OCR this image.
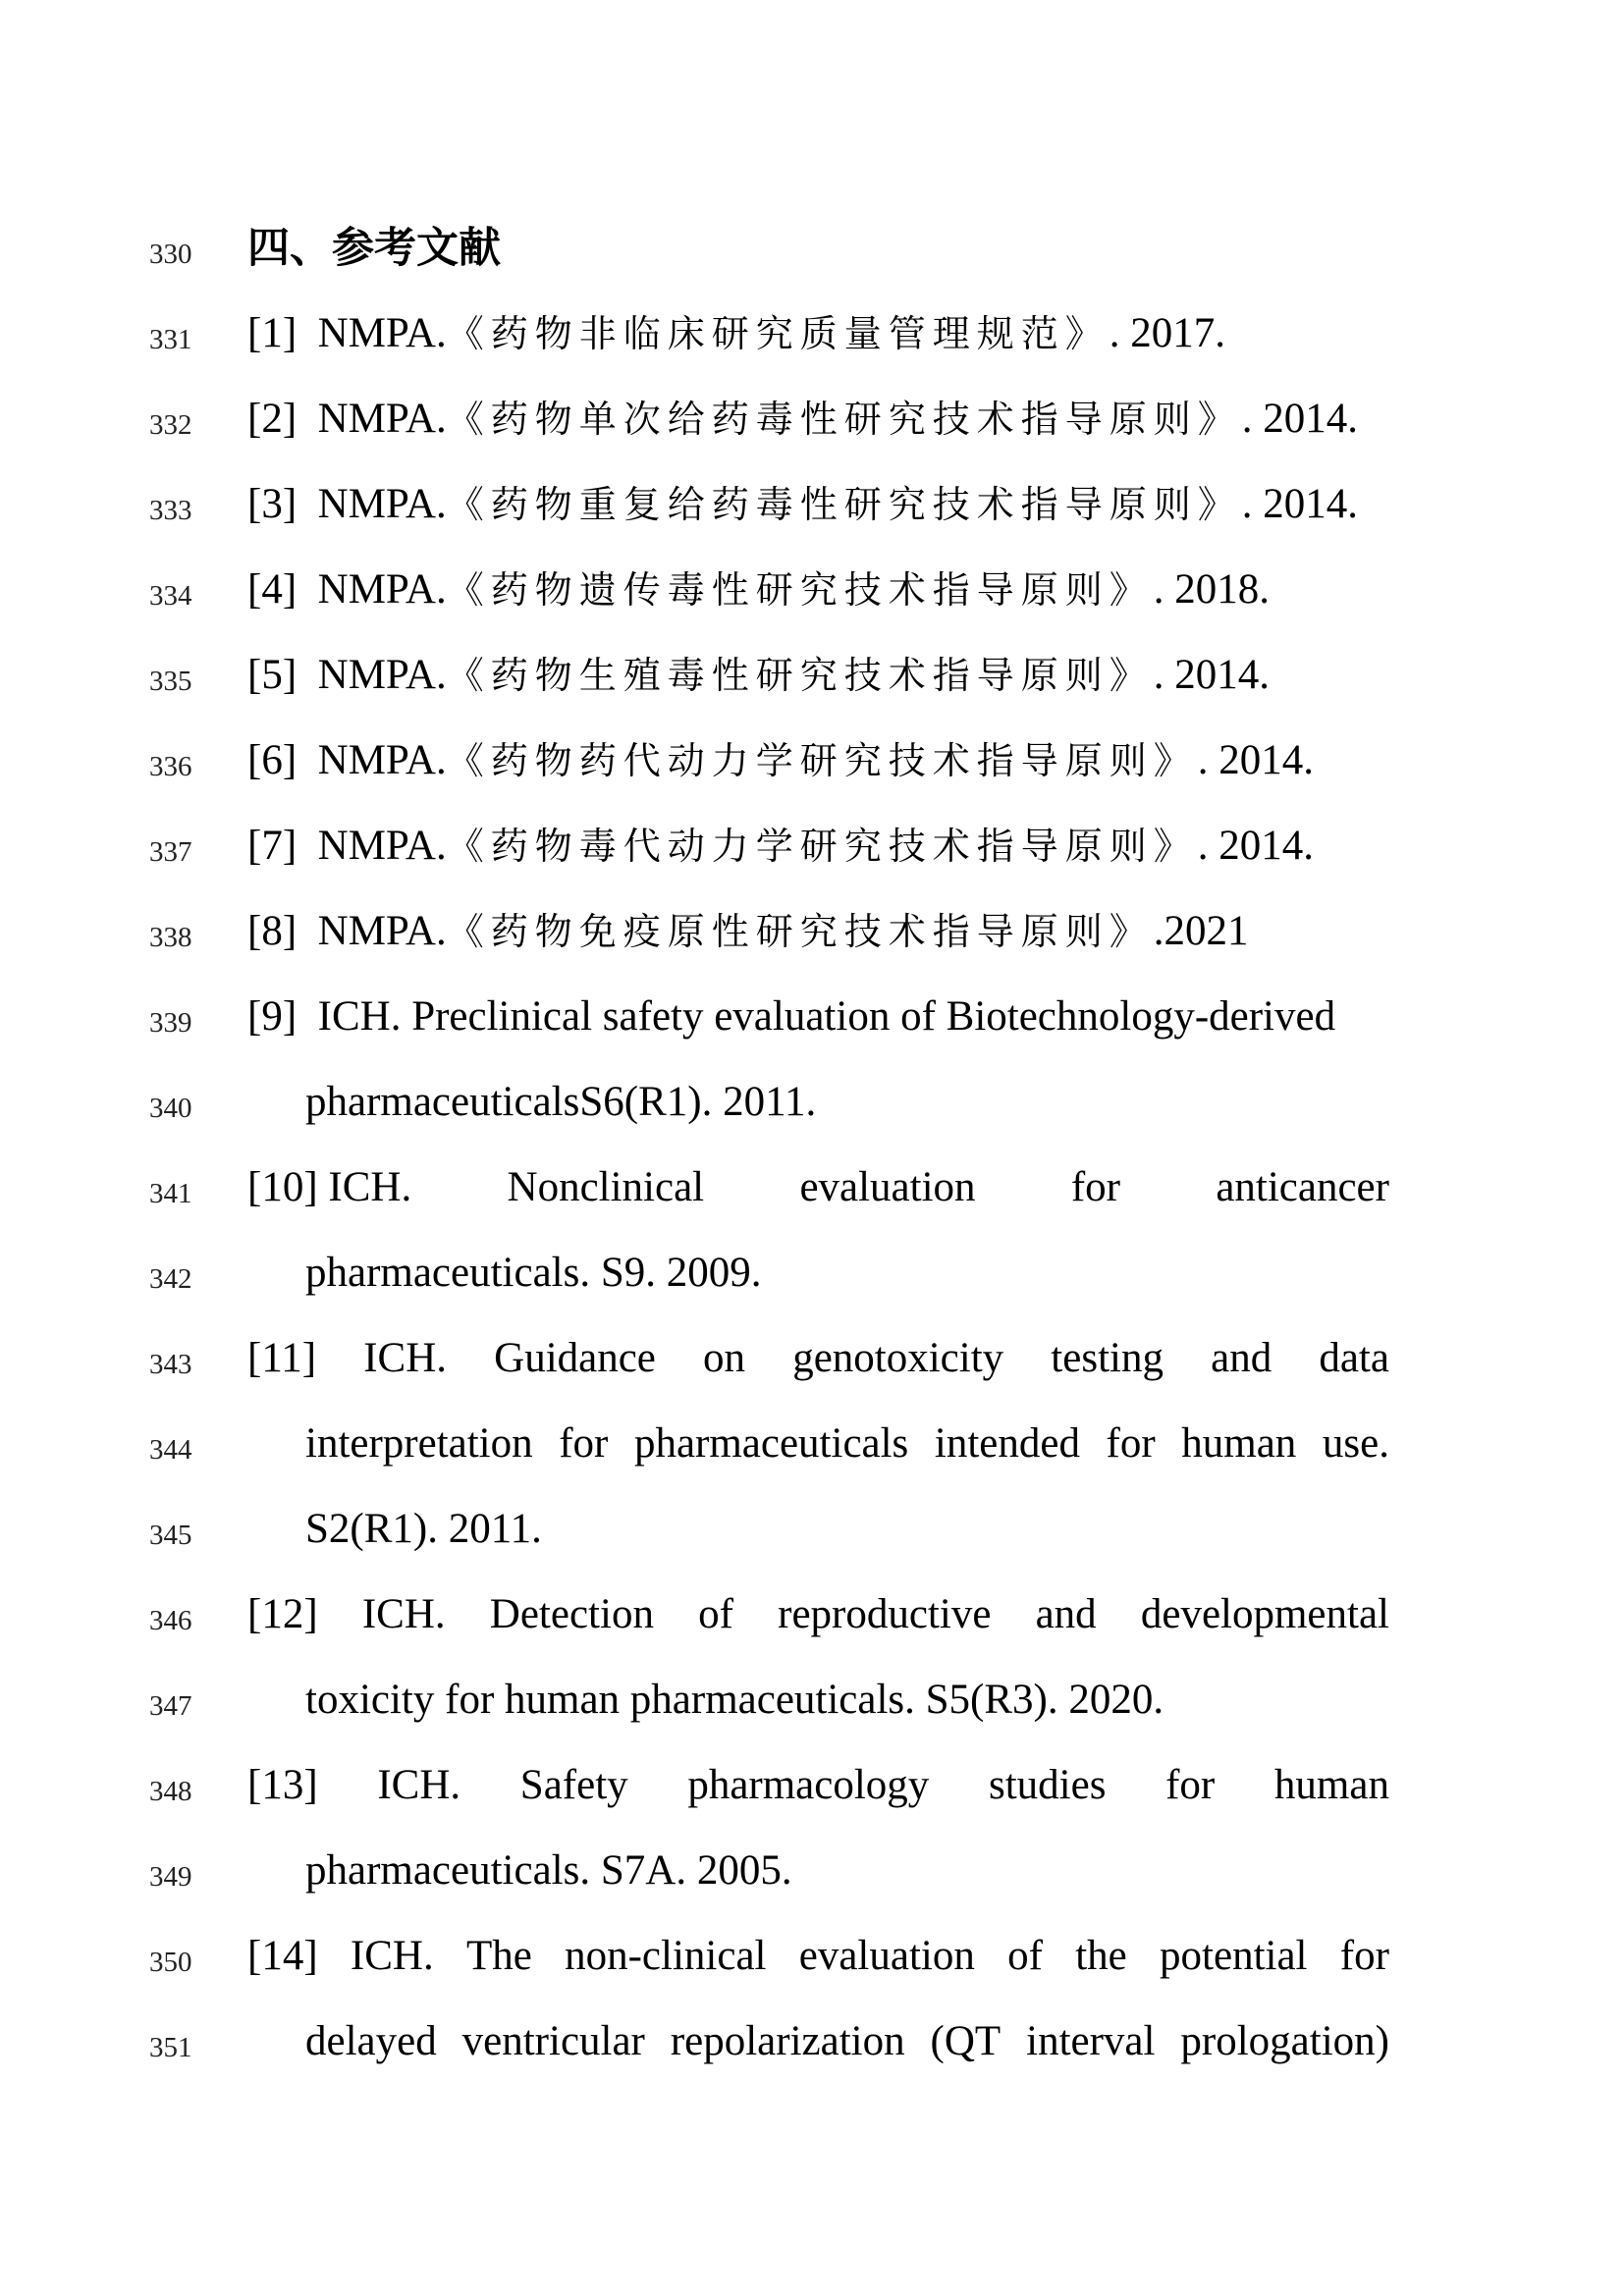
330 四、参考文献
331 [1] NMPA.《药物非临床研究质量管理规范》. 2017.
332 [2] NMPA.《药物单次给药毒性研究技术指导原则》. 2014.
333 [3] NMPA.《药物重复给药毒性研究技术指导原则》. 2014.
334 [4] NMPA.《药物遗传毒性研究技术指导原则》. 2018.
335 [5] NMPA.《药物生殖毒性研究技术指导原则》. 2014.
336 [6] NMPA.《药物药代动力学研究技术指导原则》. 2014.
337 [7] NMPA.《药物毒代动力学研究技术指导原则》. 2014.
338 [8] NMPA.《药物免疫原性研究技术指导原则》.2021
339 [9]  ICH. Preclinical safety evaluation of Biotechnology-derived
340	pharmaceuticalsS6(R1). 2011.
341 [10] ICH. Nonclinical evaluation for anticancer
342	pharmaceuticals. S9. 2009.
343 [11] ICH. Guidance on genotoxicity testing and data
344	interpretation for pharmaceuticals intended for human use.
345	S2(R1). 2011.
346 [12] ICH. Detection of reproductive and developmental
347	toxicity for human pharmaceuticals. S5(R3). 2020.
348 [13] ICH. Safety pharmacology studies for human
349	pharmaceuticals. S7A. 2005.
350 [14] ICH. The non-clinical evaluation of the potential for
351	delayed ventricular repolarization (QT interval prologation)
